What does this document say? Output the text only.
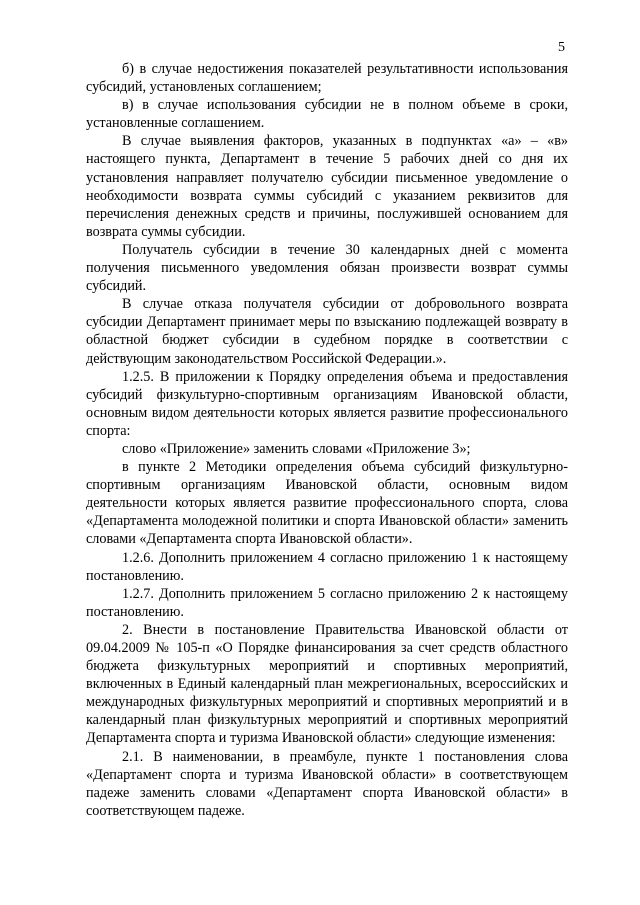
5

б) в случае недостижения показателей результативности использования субсидий, установленых соглашением;

в) в случае использования субсидии не в полном объеме в сроки, установленные соглашением.

В случае выявления факторов, указанных в подпунктах «а» – «в» настоящего пункта, Департамент в течение 5 рабочих дней со дня их установления направляет получателю субсидии письменное уведомление о необходимости возврата суммы субсидий с указанием реквизитов для перечисления денежных средств и причины, послужившей основанием для возврата суммы субсидии.

Получатель субсидии в течение 30 календарных дней с момента получения письменного уведомления обязан произвести возврат суммы субсидий.

В случае отказа получателя субсидии от добровольного возврата субсидии Департамент принимает меры по взысканию подлежащей возврату в областной бюджет субсидии в судебном порядке в соответствии с действующим законодательством Российской Федерации.».

1.2.5. В приложении к Порядку определения объема и предоставления субсидий физкультурно-спортивным организациям Ивановской области, основным видом деятельности которых является развитие профессионального спорта:

слово «Приложение» заменить словами «Приложение 3»;

в пункте 2 Методики определения объема субсидий физкультурно-спортивным организациям Ивановской области, основным видом деятельности которых является развитие профессионального спорта, слова «Департамента молодежной политики и спорта Ивановской области» заменить словами «Департамента спорта Ивановской области».

1.2.6. Дополнить приложением 4 согласно приложению 1 к настоящему постановлению.

1.2.7. Дополнить приложением 5 согласно приложению 2 к настоящему постановлению.

2. Внести в постановление Правительства Ивановской области от 09.04.2009 № 105-п «О Порядке финансирования за счет средств областного бюджета физкультурных мероприятий и спортивных мероприятий, включенных в Единый календарный план межрегиональных, всероссийских и международных физкультурных мероприятий и спортивных мероприятий и в календарный план физкультурных мероприятий и спортивных мероприятий Департамента спорта и туризма Ивановской области» следующие изменения:

2.1. В наименовании, в преамбуле, пункте 1 постановления слова «Департамент спорта и туризма Ивановской области» в соответствующем падеже заменить словами «Департамент спорта Ивановской области» в соответствующем падеже.
